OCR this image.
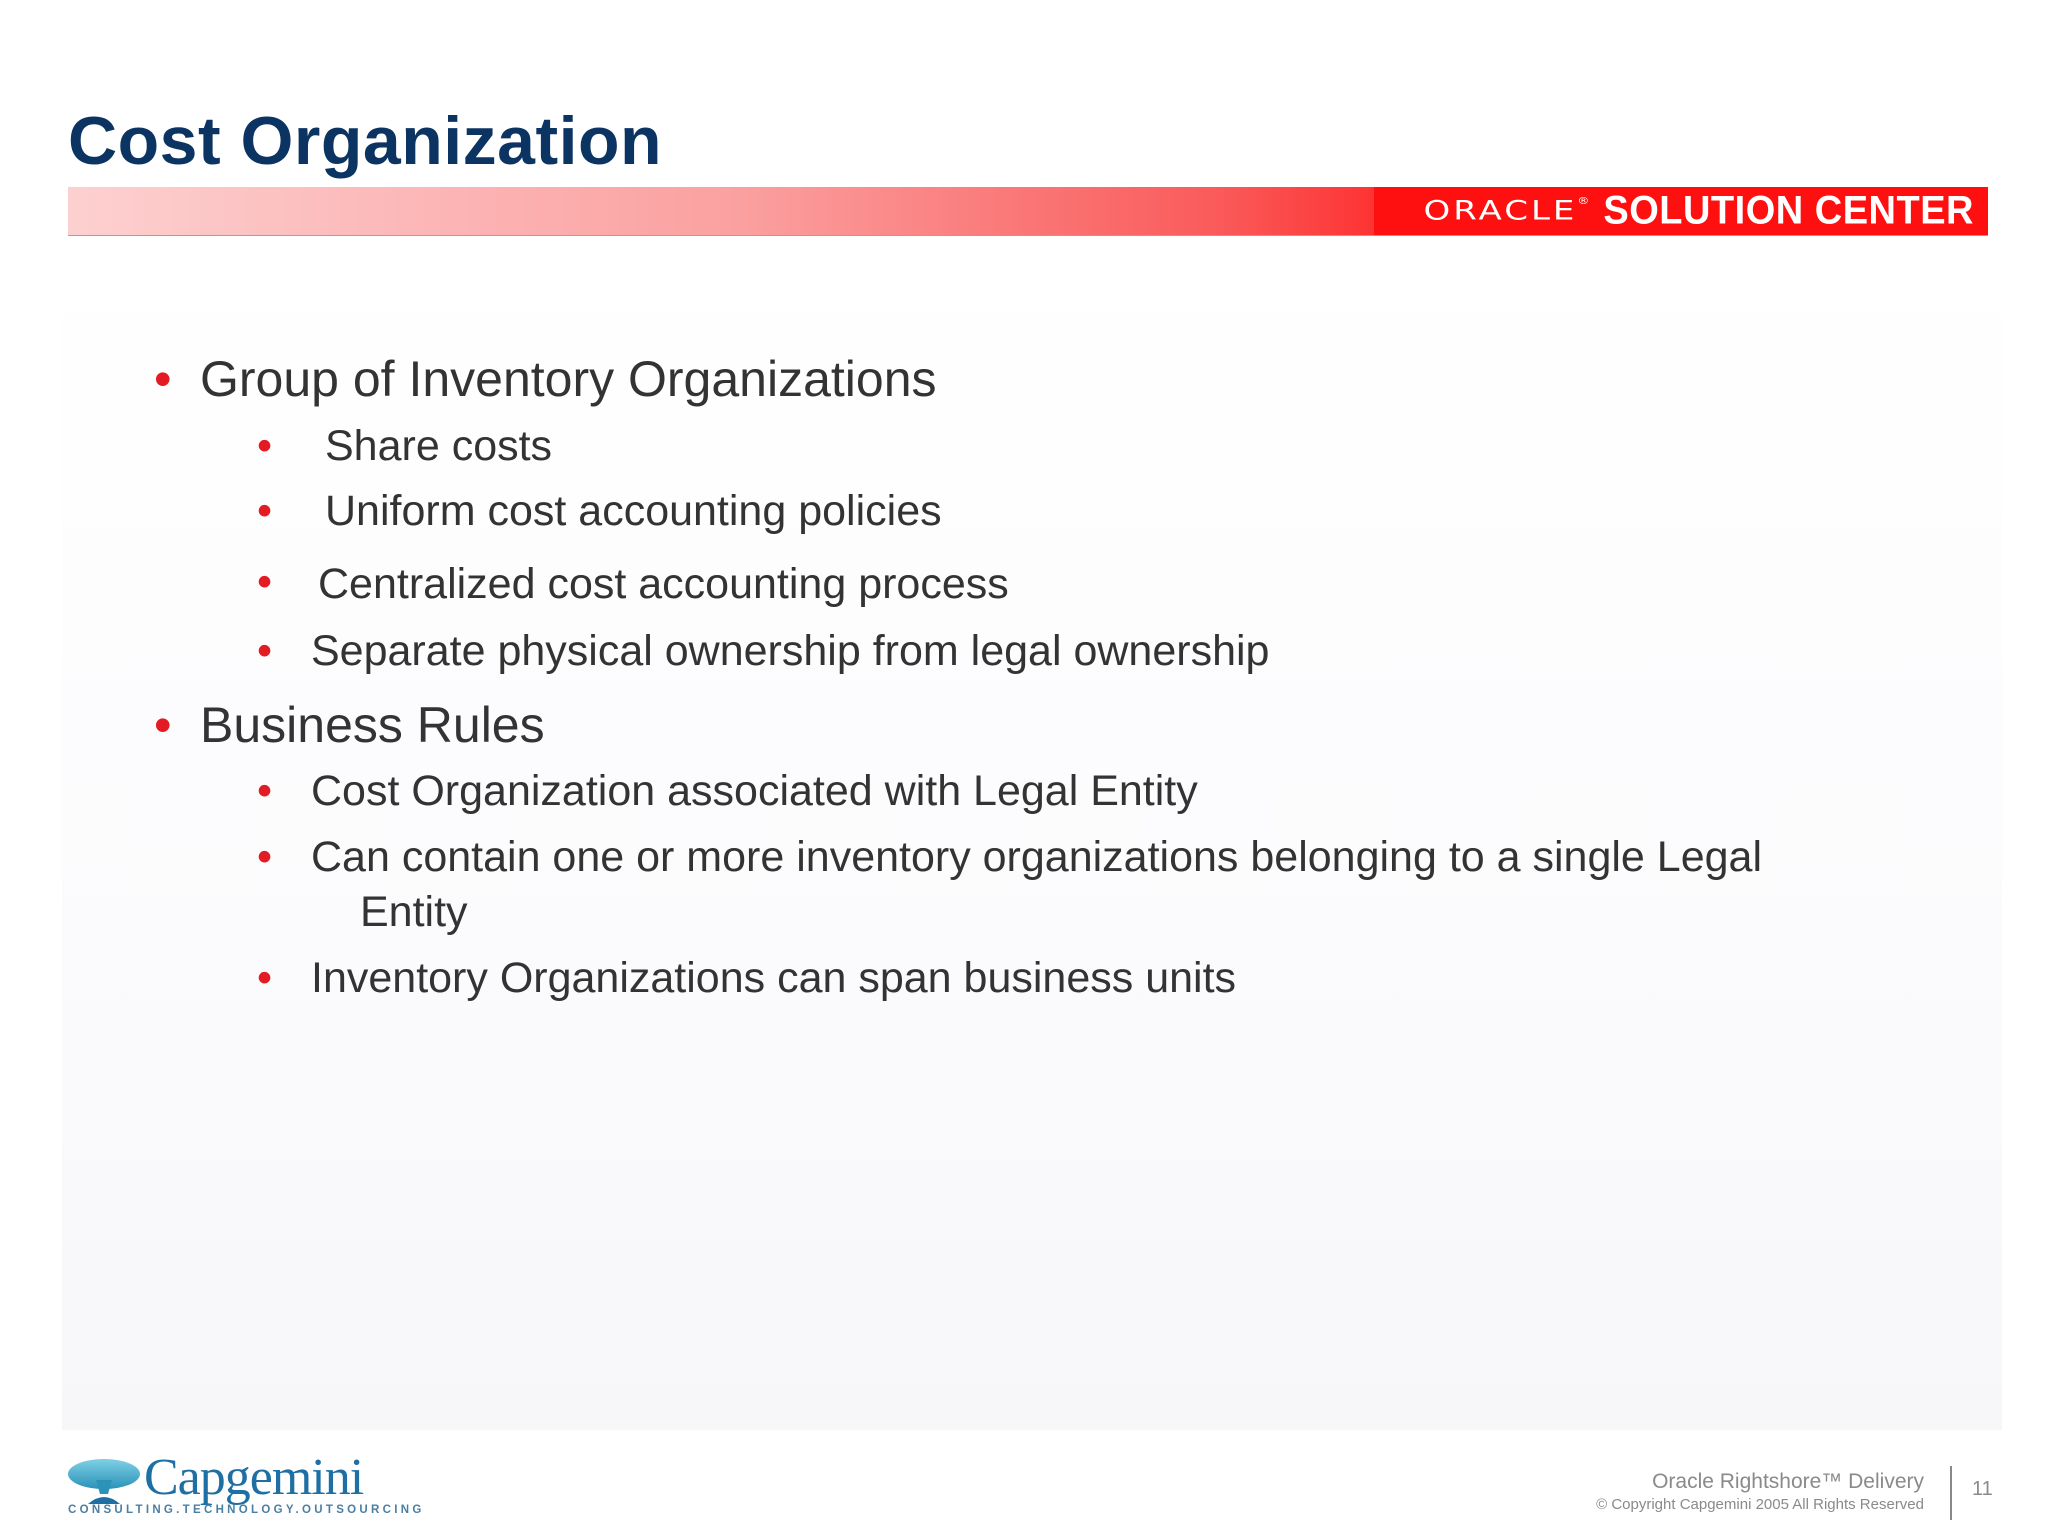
Cost Organization
ORACLE® SOLUTION CENTER
• Group of Inventory Organizations
• Share costs
• Uniform cost accounting policies
• Centralized cost accounting process
• Separate physical ownership from legal ownership
• Business Rules
• Cost Organization associated with Legal Entity
• Can contain one or more inventory organizations belonging to a single Legal
Entity
• Inventory Organizations can span business units
Capgemini
CONSULTING.TECHNOLOGY.OUTSOURCING
Oracle Rightshore™ Delivery
© Copyright Capgemini 2005 All Rights Reserved
11
